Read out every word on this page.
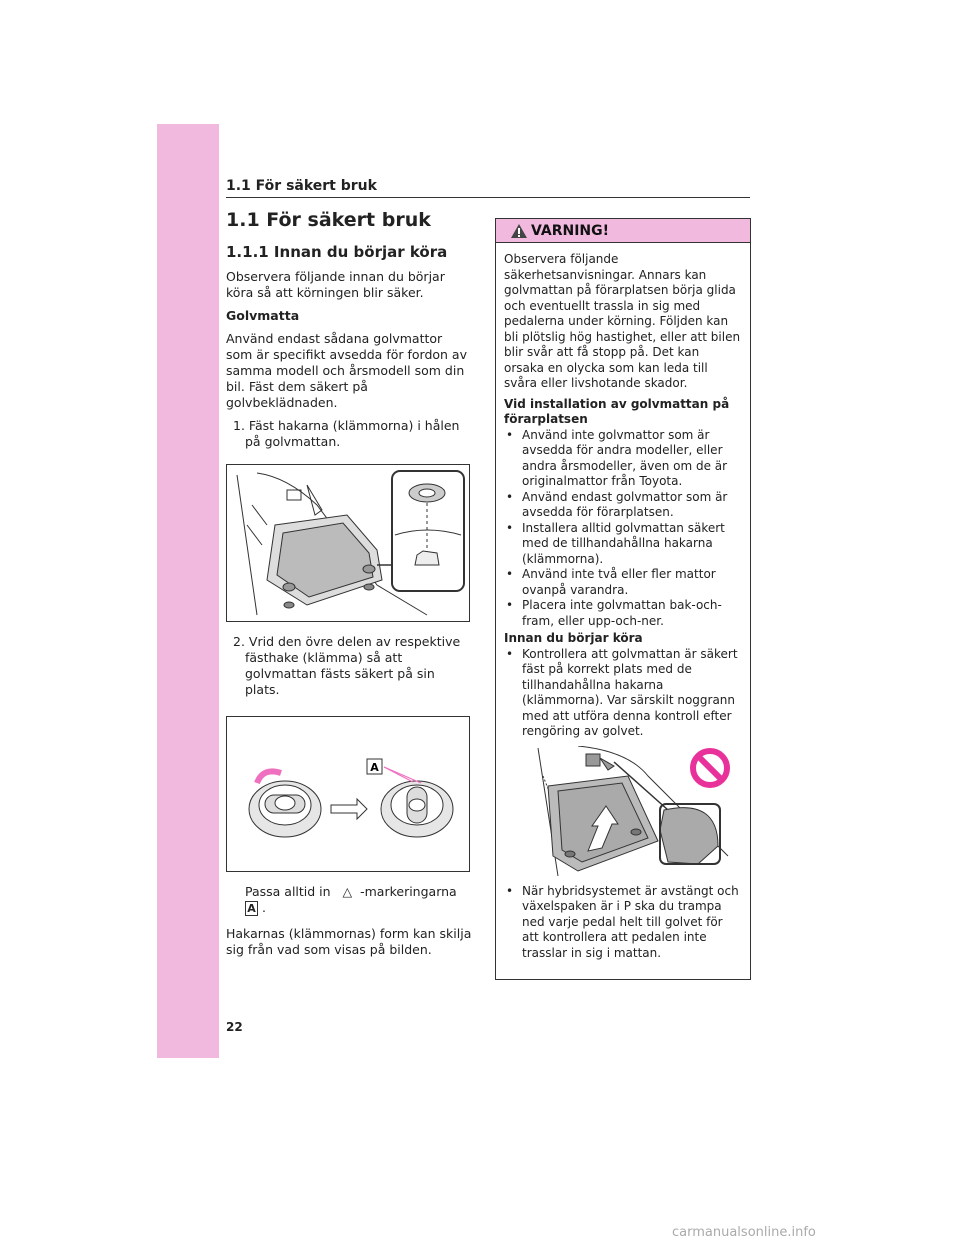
1.1 För säkert bruk
1.1 För säkert bruk
1.1.1 Innan du börjar köra
Observera följande innan du börjar köra så att körningen blir säker.
Golvmatta
Använd endast sådana golvmattor som är specifikt avsedda för fordon av samma modell och årsmodell som din bil. Fäst dem säkert på golvbeklädnaden.
1. Fäst hakarna (klämmorna) i hålen på golvmattan.
2. Vrid den övre delen av respektive fästhake (klämma) så att golvmattan fästs säkert på sin plats.
A
Passa alltid in   △  -markeringarna
A .
Hakarnas (klämmornas) form kan skilja sig från vad som visas på bilden.
VARNING!
Observera följande säkerhetsanvisningar. Annars kan golvmattan på förarplatsen börja glida och eventuellt trassla in sig med pedalerna under körning. Följden kan bli plötslig hög hastighet, eller att bilen blir svår att få stopp på. Det kan orsaka en olycka som kan leda till svåra eller livshotande skador.
Vid installation av golvmattan på förarplatsen
• Använd inte golvmattor som är avsedda för andra modeller, eller andra årsmodeller, även om de är originalmattor från Toyota.
• Använd endast golvmattor som är avsedda för förarplatsen.
• Installera alltid golvmattan säkert med de tillhandahållna hakarna (klämmorna).
• Använd inte två eller fler mattor ovanpå varandra.
• Placera inte golvmattan bak-och-fram, eller upp-och-ner.
Innan du börjar köra
• Kontrollera att golvmattan är säkert fäst på korrekt plats med de tillhandahållna hakarna (klämmorna). Var särskilt noggrann med att utföra denna kontroll efter rengöring av golvet.
• När hybridsystemet är avstängt och växelspaken är i P ska du trampa ned varje pedal helt till golvet för att kontrollera att pedalen inte trasslar in sig i mattan.
22
carmanualsonline.info
